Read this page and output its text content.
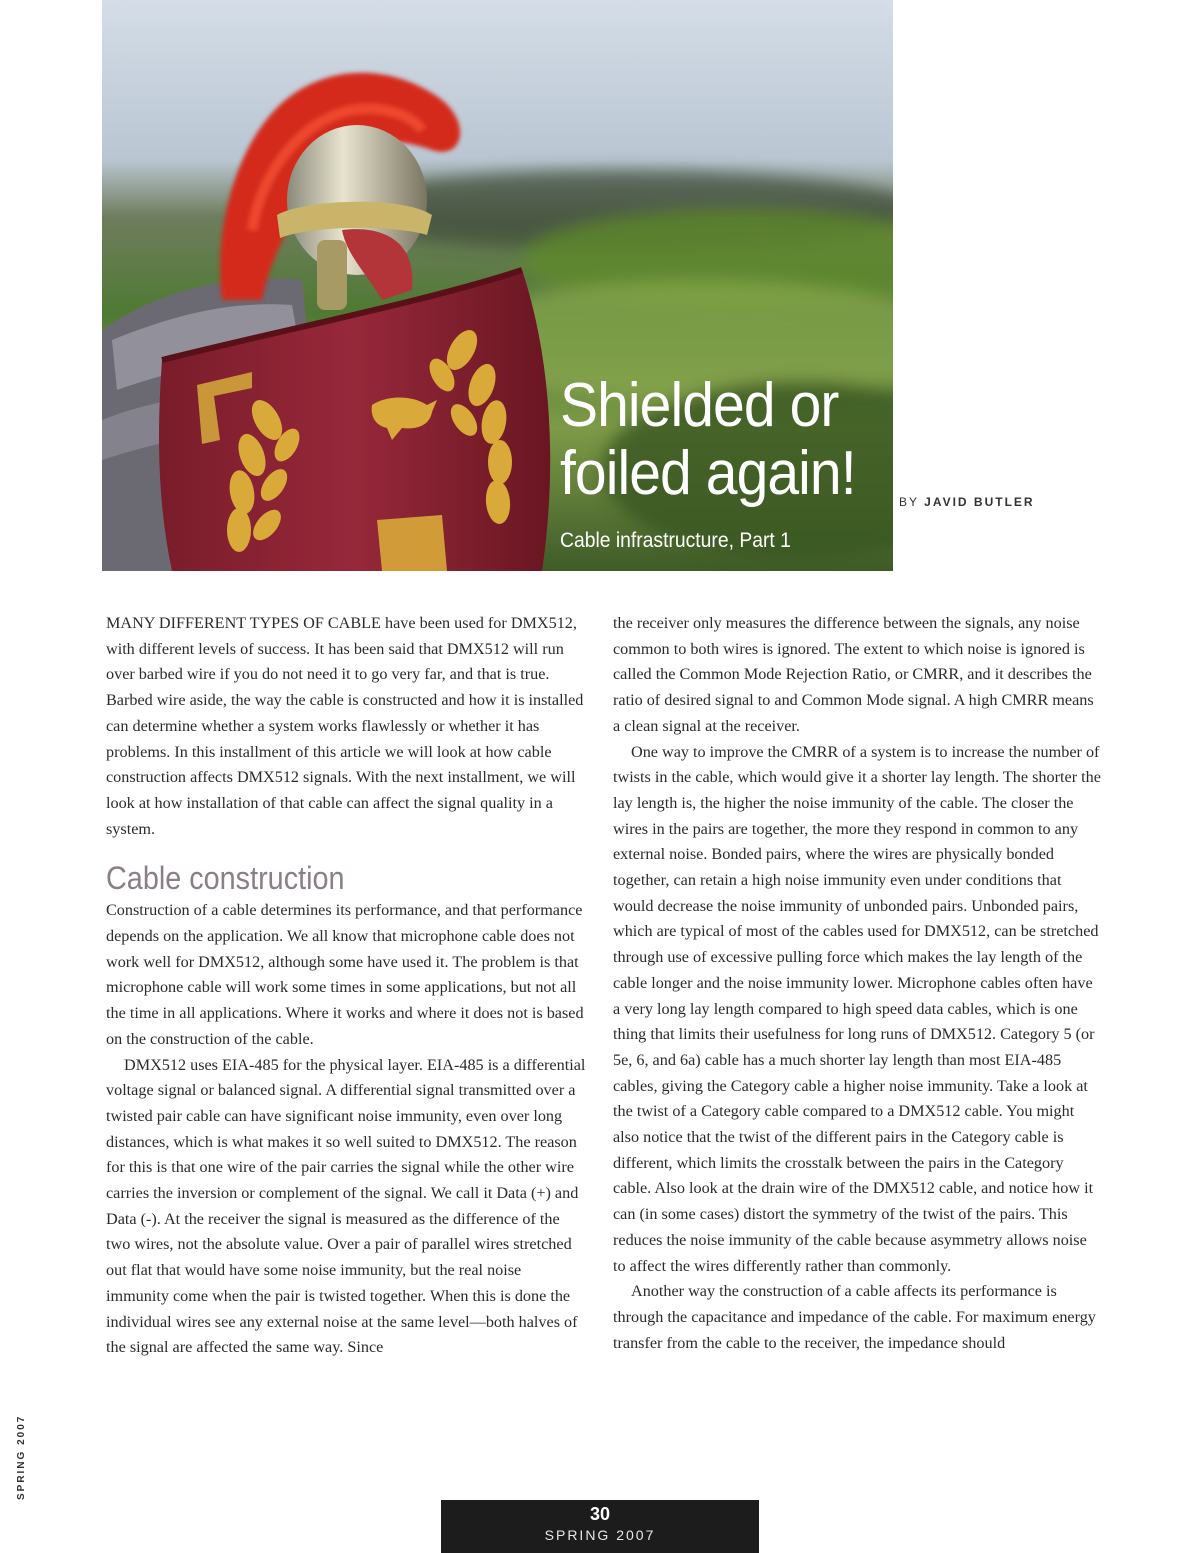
Shielded or
foiled again!
Cable infrastructure, Part 1
BY JAVID BUTLER

MANY DIFFERENT TYPES OF CABLE have been used for DMX512, with different levels of success. It has been said that DMX512 will run over barbed wire if you do not need it to go very far, and that is true. Barbed wire aside, the way the cable is constructed and how it is installed can determine whether a system works flawlessly or whether it has problems. In this installment of this article we will look at how cable construction affects DMX512 signals. With the next installment, we will look at how installation of that cable can affect the signal quality in a system.

Cable construction

Construction of a cable determines its performance, and that performance depends on the application. We all know that microphone cable does not work well for DMX512, although some have used it. The problem is that microphone cable will work some times in some applications, but not all the time in all applications. Where it works and where it does not is based on the construction of the cable.

DMX512 uses EIA-485 for the physical layer. EIA-485 is a differential voltage signal or balanced signal. A differential signal transmitted over a twisted pair cable can have significant noise immunity, even over long distances, which is what makes it so well suited to DMX512. The reason for this is that one wire of the pair carries the signal while the other wire carries the inversion or complement of the signal. We call it Data (+) and Data (-). At the receiver the signal is measured as the difference of the two wires, not the absolute value. Over a pair of parallel wires stretched out flat that would have some noise immunity, but the real noise immunity come when the pair is twisted together. When this is done the individual wires see any external noise at the same level—both halves of the signal are affected the same way. Since

the receiver only measures the difference between the signals, any noise common to both wires is ignored. The extent to which noise is ignored is called the Common Mode Rejection Ratio, or CMRR, and it describes the ratio of desired signal to and Common Mode signal. A high CMRR means a clean signal at the receiver.

One way to improve the CMRR of a system is to increase the number of twists in the cable, which would give it a shorter lay length. The shorter the lay length is, the higher the noise immunity of the cable. The closer the wires in the pairs are together, the more they respond in common to any external noise. Bonded pairs, where the wires are physically bonded together, can retain a high noise immunity even under conditions that would decrease the noise immunity of unbonded pairs. Unbonded pairs, which are typical of most of the cables used for DMX512, can be stretched through use of excessive pulling force which makes the lay length of the cable longer and the noise immunity lower. Microphone cables often have a very long lay length compared to high speed data cables, which is one thing that limits their usefulness for long runs of DMX512. Category 5 (or 5e, 6, and 6a) cable has a much shorter lay length than most EIA-485 cables, giving the Category cable a higher noise immunity. Take a look at the twist of a Category cable compared to a DMX512 cable. You might also notice that the twist of the different pairs in the Category cable is different, which limits the crosstalk between the pairs in the Category cable. Also look at the drain wire of the DMX512 cable, and notice how it can (in some cases) distort the symmetry of the twist of the pairs. This reduces the noise immunity of the cable because asymmetry allows noise to affect the wires differently rather than commonly.

Another way the construction of a cable affects its performance is through the capacitance and impedance of the cable. For maximum energy transfer from the cable to the receiver, the impedance should

SPRING 2007
30
SPRING 2007
